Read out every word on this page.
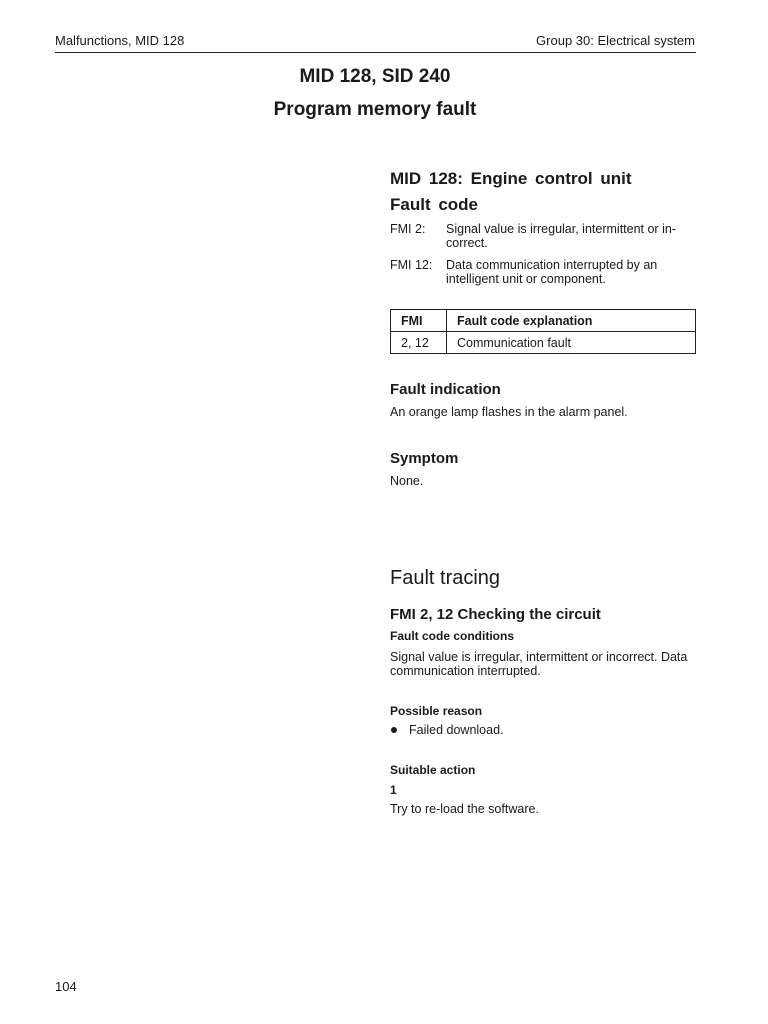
Malfunctions, MID 128	Group 30: Electrical system
MID 128, SID 240
Program memory fault
MID 128: Engine control unit
Fault code
FMI 2:	Signal value is irregular, intermittent or in-
correct.
FMI 12:	Data communication interrupted by an
intelligent unit or component.
FMI	Fault code explanation
2, 12	Communication fault
Fault indication
An orange lamp flashes in the alarm panel.
Symptom
None.
Fault tracing
FMI 2, 12 Checking the circuit
Fault code conditions
Signal value is irregular, intermittent or incorrect. Data
communication interrupted.
Possible reason
Failed download.
Suitable action
1
Try to re-load the software.
104
